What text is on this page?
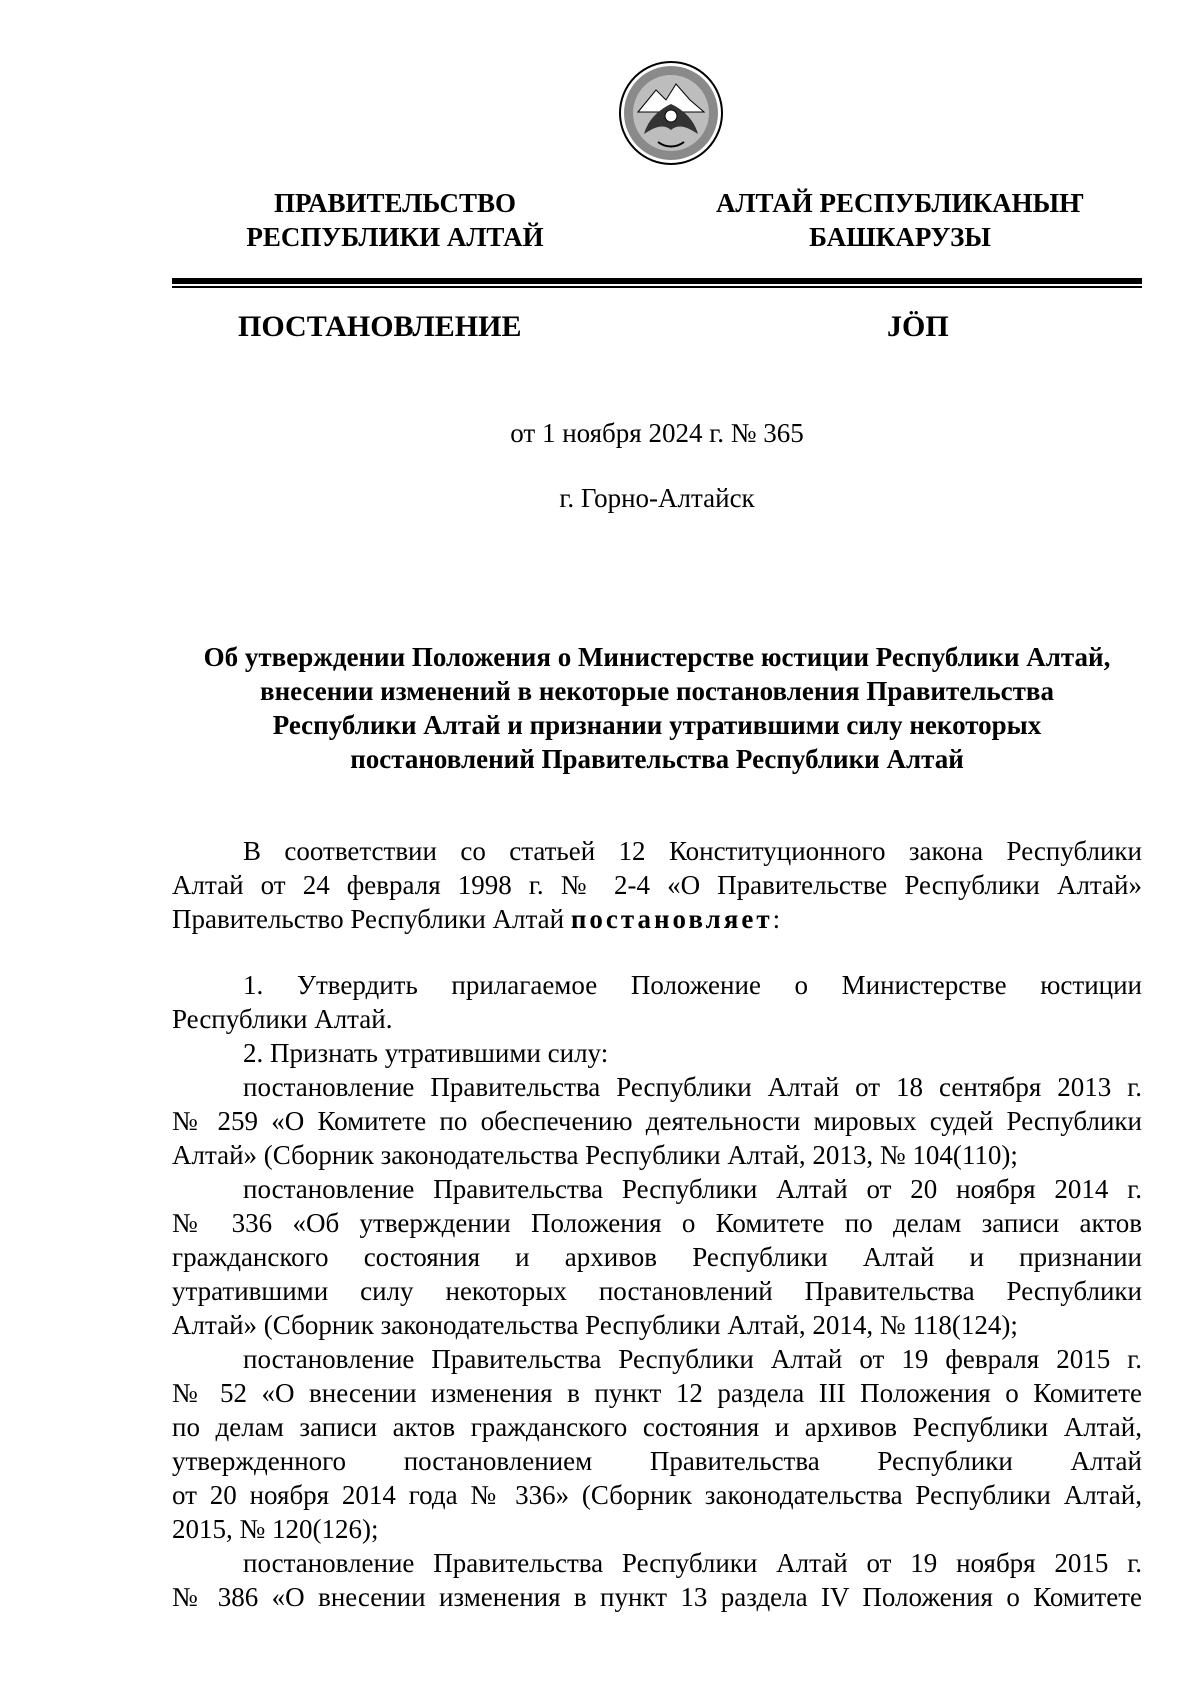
ПРАВИТЕЛЬСТВО
РЕСПУБЛИКИ АЛТАЙ
АЛТАЙ РЕСПУБЛИКАНЫҤ
БАШКАРУЗЫ
ПОСТАНОВЛЕНИЕ	JÖП
от 1 ноября 2024 г. № 365
г. Горно-Алтайск
Об утверждении Положения о Министерстве юстиции Республики Алтай,
внесении изменений в некоторые постановления Правительства
Республики Алтай и признании утратившими силу некоторых
постановлений Правительства Республики Алтай
В соответствии со статьей 12 Конституционного закона Республики
Алтай от 24 февраля 1998 г. № 2-4 «О Правительстве Республики Алтай»
Правительство Республики Алтай постановляет:
1. Утвердить прилагаемое Положение о Министерстве юстиции
Республики Алтай.
2. Признать утратившими силу:
постановление Правительства Республики Алтай от 18 сентября 2013 г.
№ 259 «О Комитете по обеспечению деятельности мировых судей Республики
Алтай» (Сборник законодательства Республики Алтай, 2013, № 104(110);
постановление Правительства Республики Алтай от 20 ноября 2014 г.
№ 336 «Об утверждении Положения о Комитете по делам записи актов
гражданского состояния и архивов Республики Алтай и признании
утратившими силу некоторых постановлений Правительства Республики
Алтай» (Сборник законодательства Республики Алтай, 2014, № 118(124);
постановление Правительства Республики Алтай от 19 февраля 2015 г.
№ 52 «О внесении изменения в пункт 12 раздела III Положения о Комитете
по делам записи актов гражданского состояния и архивов Республики Алтай,
утвержденного постановлением Правительства Республики Алтай
от 20 ноября 2014 года № 336» (Сборник законодательства Республики Алтай,
2015, № 120(126);
постановление Правительства Республики Алтай от 19 ноября 2015 г.
№ 386 «О внесении изменения в пункт 13 раздела IV Положения о Комитете
